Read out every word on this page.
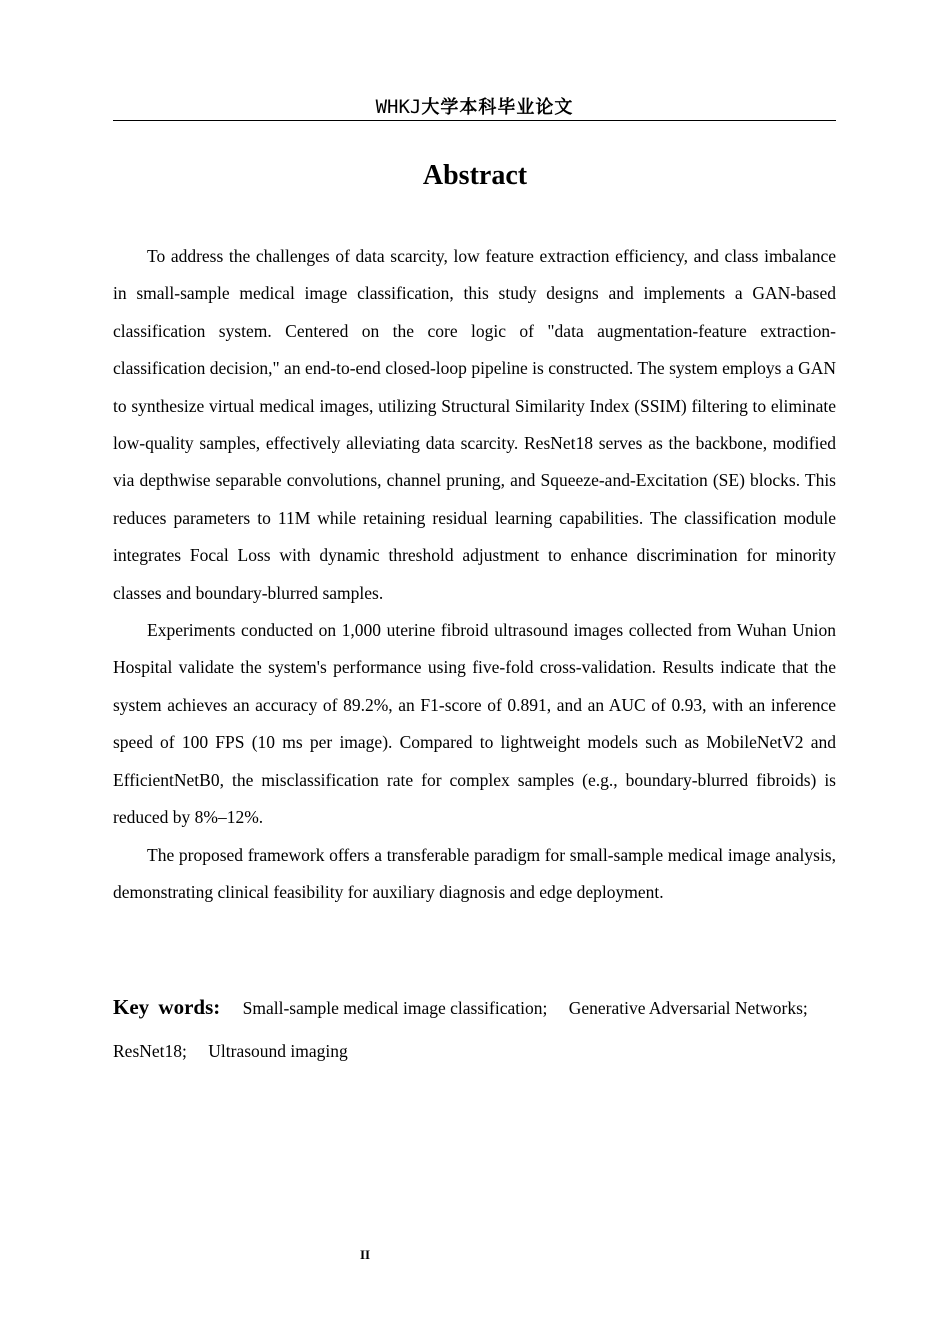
WHKJ大学本科毕业论文
Abstract

To address the challenges of data scarcity, low feature extraction efficiency, and class imbalance in small-sample medical image classification, this study designs and implements a GAN-based classification system. Centered on the core logic of "data augmentation-feature extraction-classification decision," an end-to-end closed-loop pipeline is constructed. The system employs a GAN to synthesize virtual medical images, utilizing Structural Similarity Index (SSIM) filtering to eliminate low-quality samples, effectively alleviating data scarcity. ResNet18 serves as the backbone, modified via depthwise separable convolutions, channel pruning, and Squeeze-and-Excitation (SE) blocks. This reduces parameters to 11M while retaining residual learning capabilities. The classification module integrates Focal Loss with dynamic threshold adjustment to enhance discrimination for minority classes and boundary-blurred samples.

Experiments conducted on 1,000 uterine fibroid ultrasound images collected from Wuhan Union Hospital validate the system's performance using five-fold cross-validation. Results indicate that the system achieves an accuracy of 89.2%, an F1-score of 0.891, and an AUC of 0.93, with an inference speed of 100 FPS (10 ms per image). Compared to lightweight models such as MobileNetV2 and EfficientNetB0, the misclassification rate for complex samples (e.g., boundary-blurred fibroids) is reduced by 8%–12%.

The proposed framework offers a transferable paradigm for small-sample medical image analysis, demonstrating clinical feasibility for auxiliary diagnosis and edge deployment.

Key words: Small-sample medical image classification; Generative Adversarial Networks; ResNet18; Ultrasound imaging
II
